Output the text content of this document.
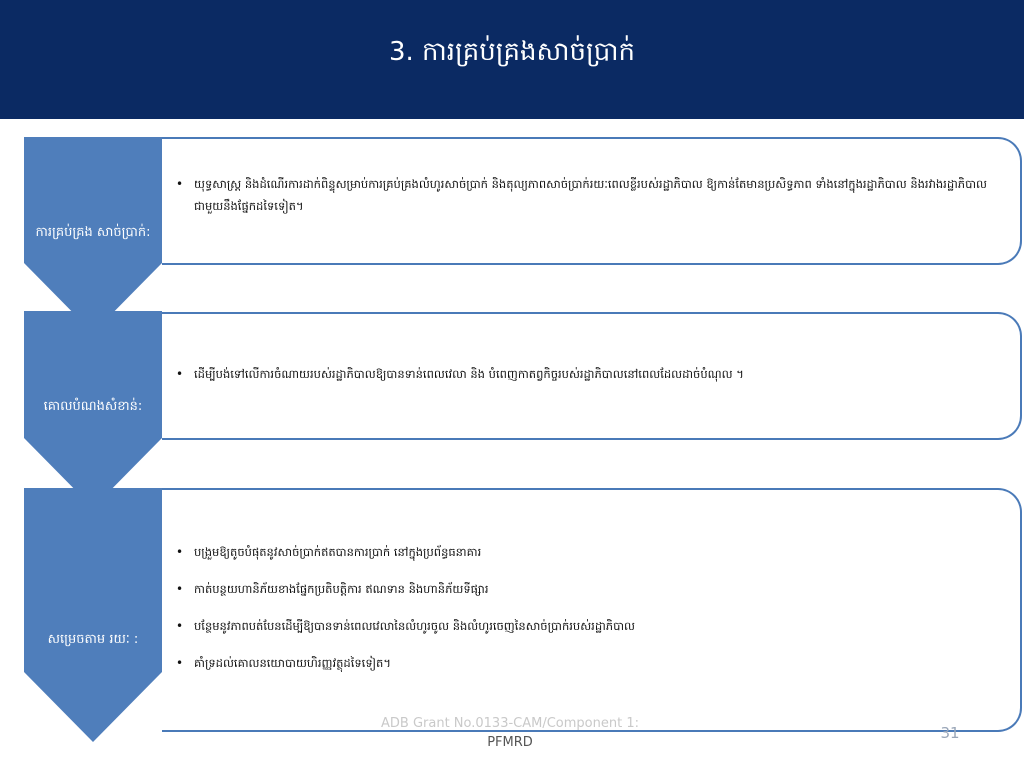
3. ការគ្រប់គ្រងសាច់ប្រាក់
ការគ្រប់គ្រង សាច់ប្រាក់:
គោលបំណងសំខាន់:
សម្រេចតាម រយៈ :
• យុទ្ធសាស្ត្រ និងដំណើរការដាក់ពិន្ទុសម្រាប់ការគ្រប់គ្រងលំហូរសាច់ប្រាក់ និងតុល្យភាពសាច់ប្រាក់រយៈពេលខ្លីរបស់រដ្ឋាភិបាល ឱ្យកាន់តែមានប្រសិទ្ធភាព ទាំងនៅក្នុងរដ្ឋាភិបាល និងរវាងរដ្ឋាភិបាលជាមួយនឹងផ្នែកដទៃទៀត។
• ដើម្បីបង់ទៅលើការចំណាយរបស់រដ្ឋាភិបាលឱ្យបានទាន់ពេលវេលា និង បំពេញកាតព្វកិច្ចរបស់រដ្ឋាភិបាលនៅពេលដែលដាច់បំណុល ។
• បង្រួមឱ្យតូចបំផុតនូវសាច់ប្រាក់ឥតបានការប្រាក់ នៅក្នុងប្រព័ន្ធធនាគារ
• កាត់បន្ថយហានិភ័យខាងផ្នែកប្រតិបត្តិការ ឥណទាន និងហានិភ័យទីផ្សារ
• បន្ថែមនូវភាពបត់បែនដើម្បីឱ្យបានទាន់ពេលវេលានៃលំហូរចូល និងលំហូរចេញនៃសាច់ប្រាក់របស់រដ្ឋាភិបាល
• គាំទ្រដល់គោលនយោបាយហិរញ្ញវត្ថុដទៃទៀត។
ADB Grant No.0133-CAM/Component 1:
PFMRD
31
